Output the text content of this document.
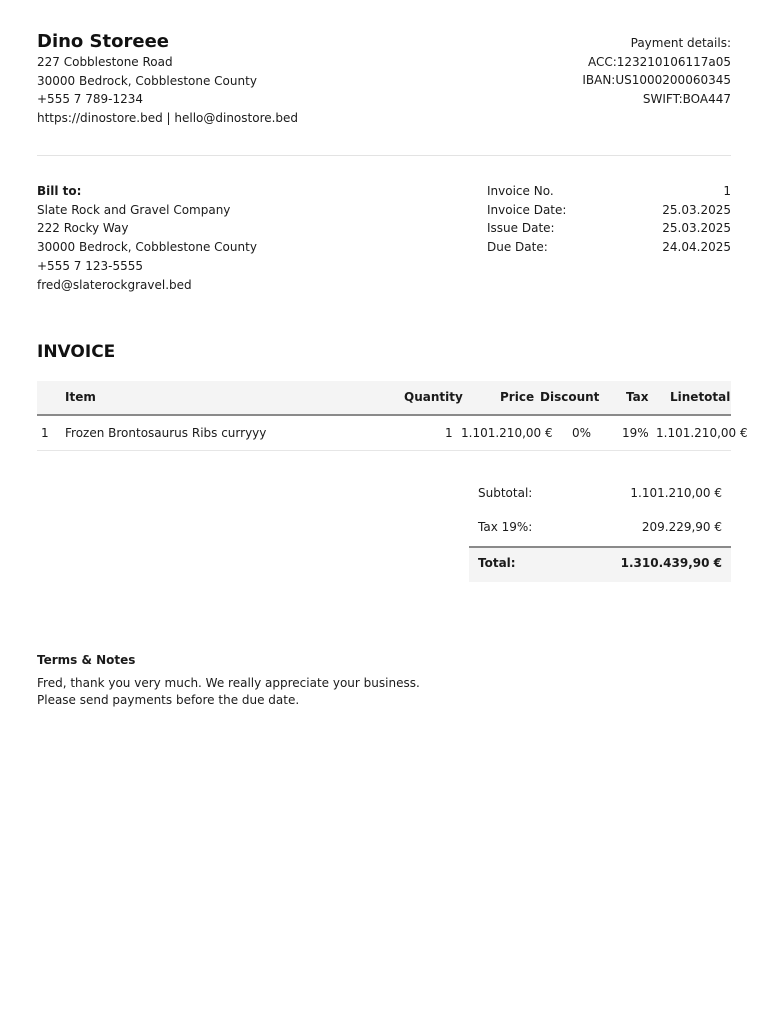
Dino Storeee
227 Cobblestone Road
30000 Bedrock, Cobblestone County
+555 7 789-1234
https://dinostore.bed | hello@dinostore.bed
Payment details:
ACC:123210106117a05
IBAN:US1000200060345
SWIFT:BOA447
Bill to:
Slate Rock and Gravel Company
222 Rocky Way
30000 Bedrock, Cobblestone County
+555 7 123-5555
fred@slaterockgravel.bed
Invoice No.	1
Invoice Date:	25.03.2025
Issue Date:	25.03.2025
Due Date:	24.04.2025
INVOICE
Item	Quantity	Price Discount Tax Linetotal
1 Frozen Brontosaurus Ribs curryyy	1 1.101.210,00 € 0%	19% 1.101.210,00 €
Subtotal:	1.101.210,00 €
Tax 19%:	209.229,90 €
Total:	1.310.439,90 €
Terms & Notes
Fred, thank you very much. We really appreciate your business.
Please send payments before the due date.
